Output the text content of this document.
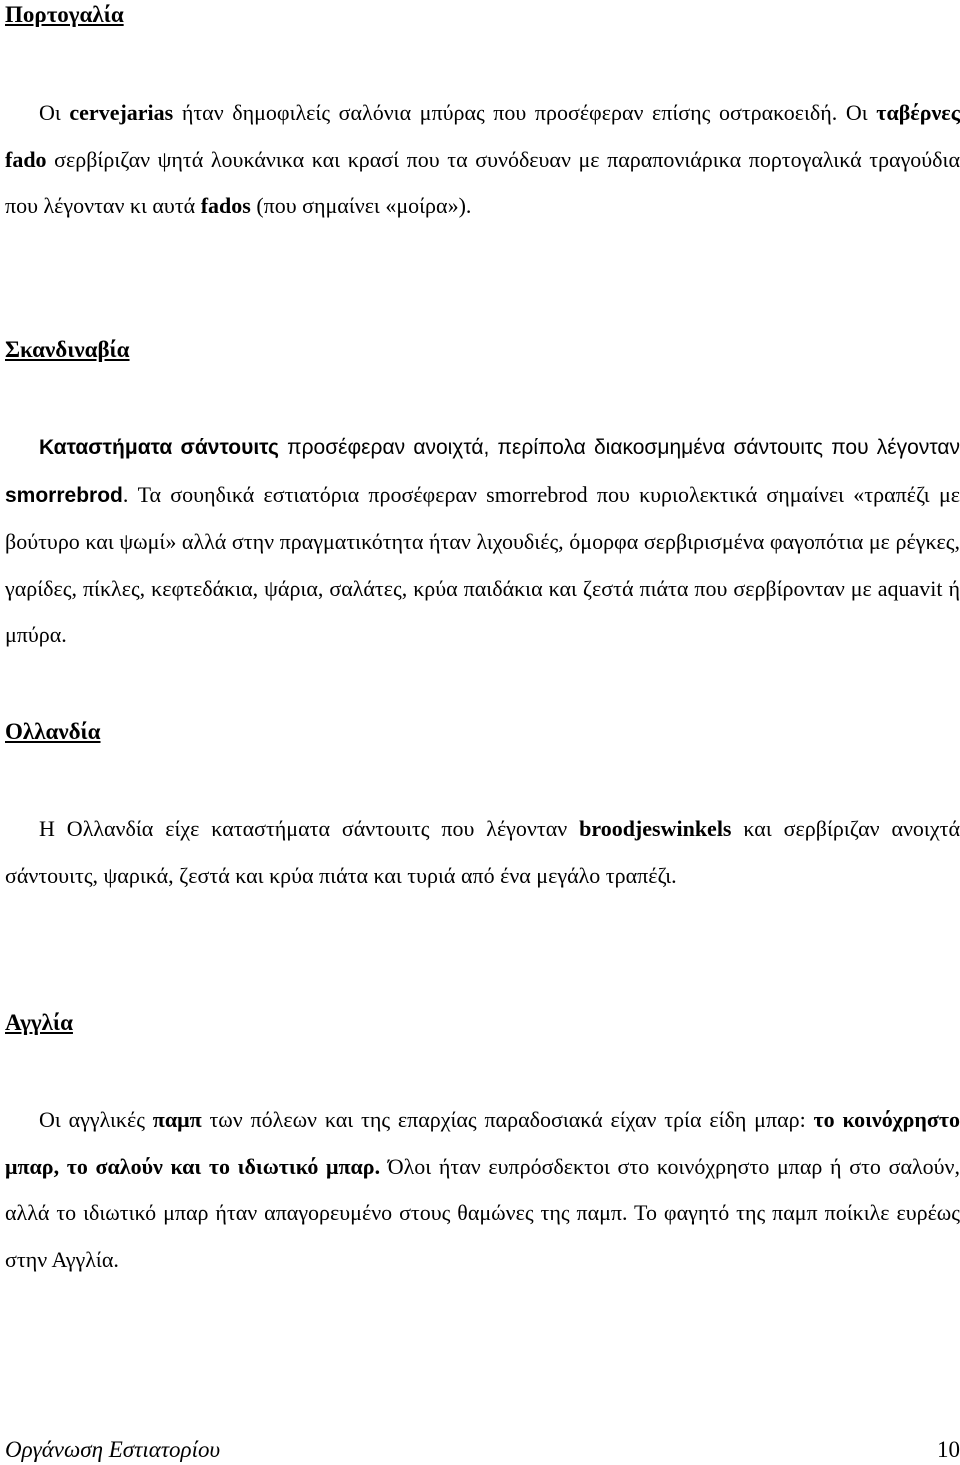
Πορτογαλία

Οι cervejarias ήταν δημοφιλείς σαλόνια μπύρας που προσέφεραν επίσης οστρακοειδή. Οι ταβέρνες fado σερβίριζαν ψητά λουκάνικα και κρασί που τα συνόδευαν με παραπονιάρικα πορτογαλικά τραγούδια που λέγονταν κι αυτά fados (που σημαίνει «μοίρα»).

Σκανδιναβία

Καταστήματα σάντουιτς προσέφεραν ανοιχτά, περίπολα διακοσμημένα σάντουιτς που λέγονταν smorrebrod. Τα σουηδικά εστιατόρια προσέφεραν smorrebrod που κυριολεκτικά σημαίνει «τραπέζι με βούτυρο και ψωμί» αλλά στην πραγματικότητα ήταν λιχουδιές, όμορφα σερβιρισμένα φαγοπότια με ρέγκες, γαρίδες, πίκλες, κεφτεδάκια, ψάρια, σαλάτες, κρύα παιδάκια και ζεστά πιάτα που σερβίρονταν με aquavit ή μπύρα.

Ολλανδία

Η Ολλανδία είχε καταστήματα σάντουιτς που λέγονταν broodjeswinkels και σερβίριζαν ανοιχτά σάντουιτς, ψαρικά, ζεστά και κρύα πιάτα και τυριά από ένα μεγάλο τραπέζι.

Αγγλία

Οι αγγλικές παμπ των πόλεων και της επαρχίας παραδοσιακά είχαν τρία είδη μπαρ: το κοινόχρηστο μπαρ, το σαλούν και το ιδιωτικό μπαρ. Όλοι ήταν ευπρόσδεκτοι στο κοινόχρηστο μπαρ ή στο σαλούν, αλλά το ιδιωτικό μπαρ ήταν απαγορευμένο στους θαμώνες της παμπ. Το φαγητό της παμπ ποίκιλε ευρέως στην Αγγλία.

Οργάνωση Εστιατορίου	10
